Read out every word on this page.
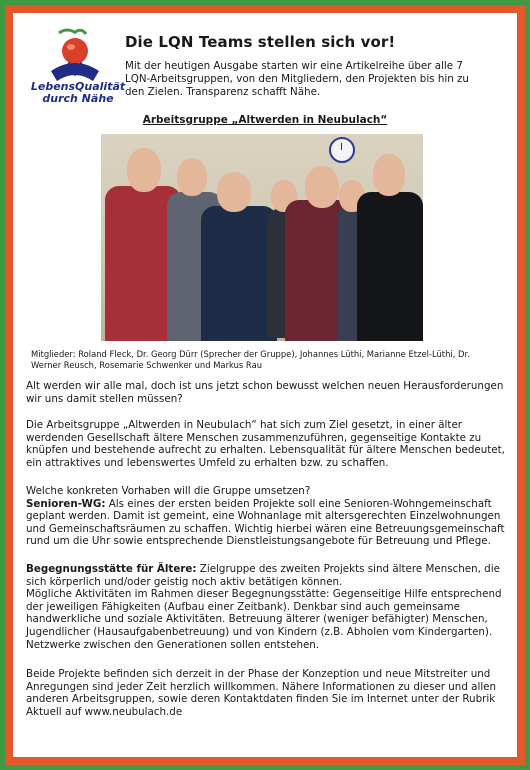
LebensQualität
durch Nähe
Die LQN Teams stellen sich vor!
Mit der heutigen Ausgabe starten wir eine Artikelreihe über alle 7 LQN-Arbeitsgruppen, von den Mitgliedern, den Projekten bis hin zu den Zielen. Transparenz schafft Nähe.
Arbeitsgruppe „Altwerden in Neubulach“
Mitglieder: Roland Fleck, Dr. Georg Dürr (Sprecher der Gruppe), Johannes Lüthi, Marianne Etzel-Lüthi, Dr. Werner Reusch, Rosemarie Schwenker und Markus Rau
Alt werden wir alle mal, doch ist uns jetzt schon bewusst welchen neuen Herausforderungen wir uns damit stellen müssen?
Die Arbeitsgruppe „Altwerden in Neubulach“ hat sich zum Ziel gesetzt, in einer älter werdenden Gesellschaft ältere Menschen zusammenzuführen, gegenseitige Kontakte zu knüpfen und bestehende aufrecht zu erhalten. Lebensqualität für ältere Menschen bedeutet, ein attraktives und lebenswertes Umfeld zu erhalten bzw. zu schaffen.
Welche konkreten Vorhaben will die Gruppe umsetzen?
Senioren-WG: Als eines der ersten beiden Projekte soll eine Senioren-Wohngemeinschaft geplant werden. Damit ist gemeint, eine Wohnanlage mit altersgerechten Einzelwohnungen und Gemeinschaftsräumen zu schaffen. Wichtig hierbei wären eine Betreuungsgemeinschaft rund um die Uhr sowie entsprechende Dienstleistungsangebote für Betreuung und Pflege.
Begegnungsstätte für Ältere: Zielgruppe des zweiten Projekts sind ältere Menschen, die sich körperlich und/oder geistig noch aktiv betätigen können.
Mögliche Aktivitäten im Rahmen dieser Begegnungsstätte: Gegenseitige Hilfe entsprechend der jeweiligen Fähigkeiten (Aufbau einer Zeitbank). Denkbar sind auch gemeinsame handwerkliche und soziale Aktivitäten. Betreuung älterer (weniger befähigter) Menschen, Jugendlicher (Hausaufgabenbetreuung) und von Kindern (z.B. Abholen vom Kindergarten). Netzwerke zwischen den Generationen sollen entstehen.
Beide Projekte befinden sich derzeit in der Phase der Konzeption und neue Mitstreiter und Anregungen sind jeder Zeit herzlich willkommen. Nähere Informationen zu dieser und allen anderen Arbeitsgruppen, sowie deren Kontaktdaten finden Sie im Internet unter der Rubrik Aktuell auf www.neubulach.de
